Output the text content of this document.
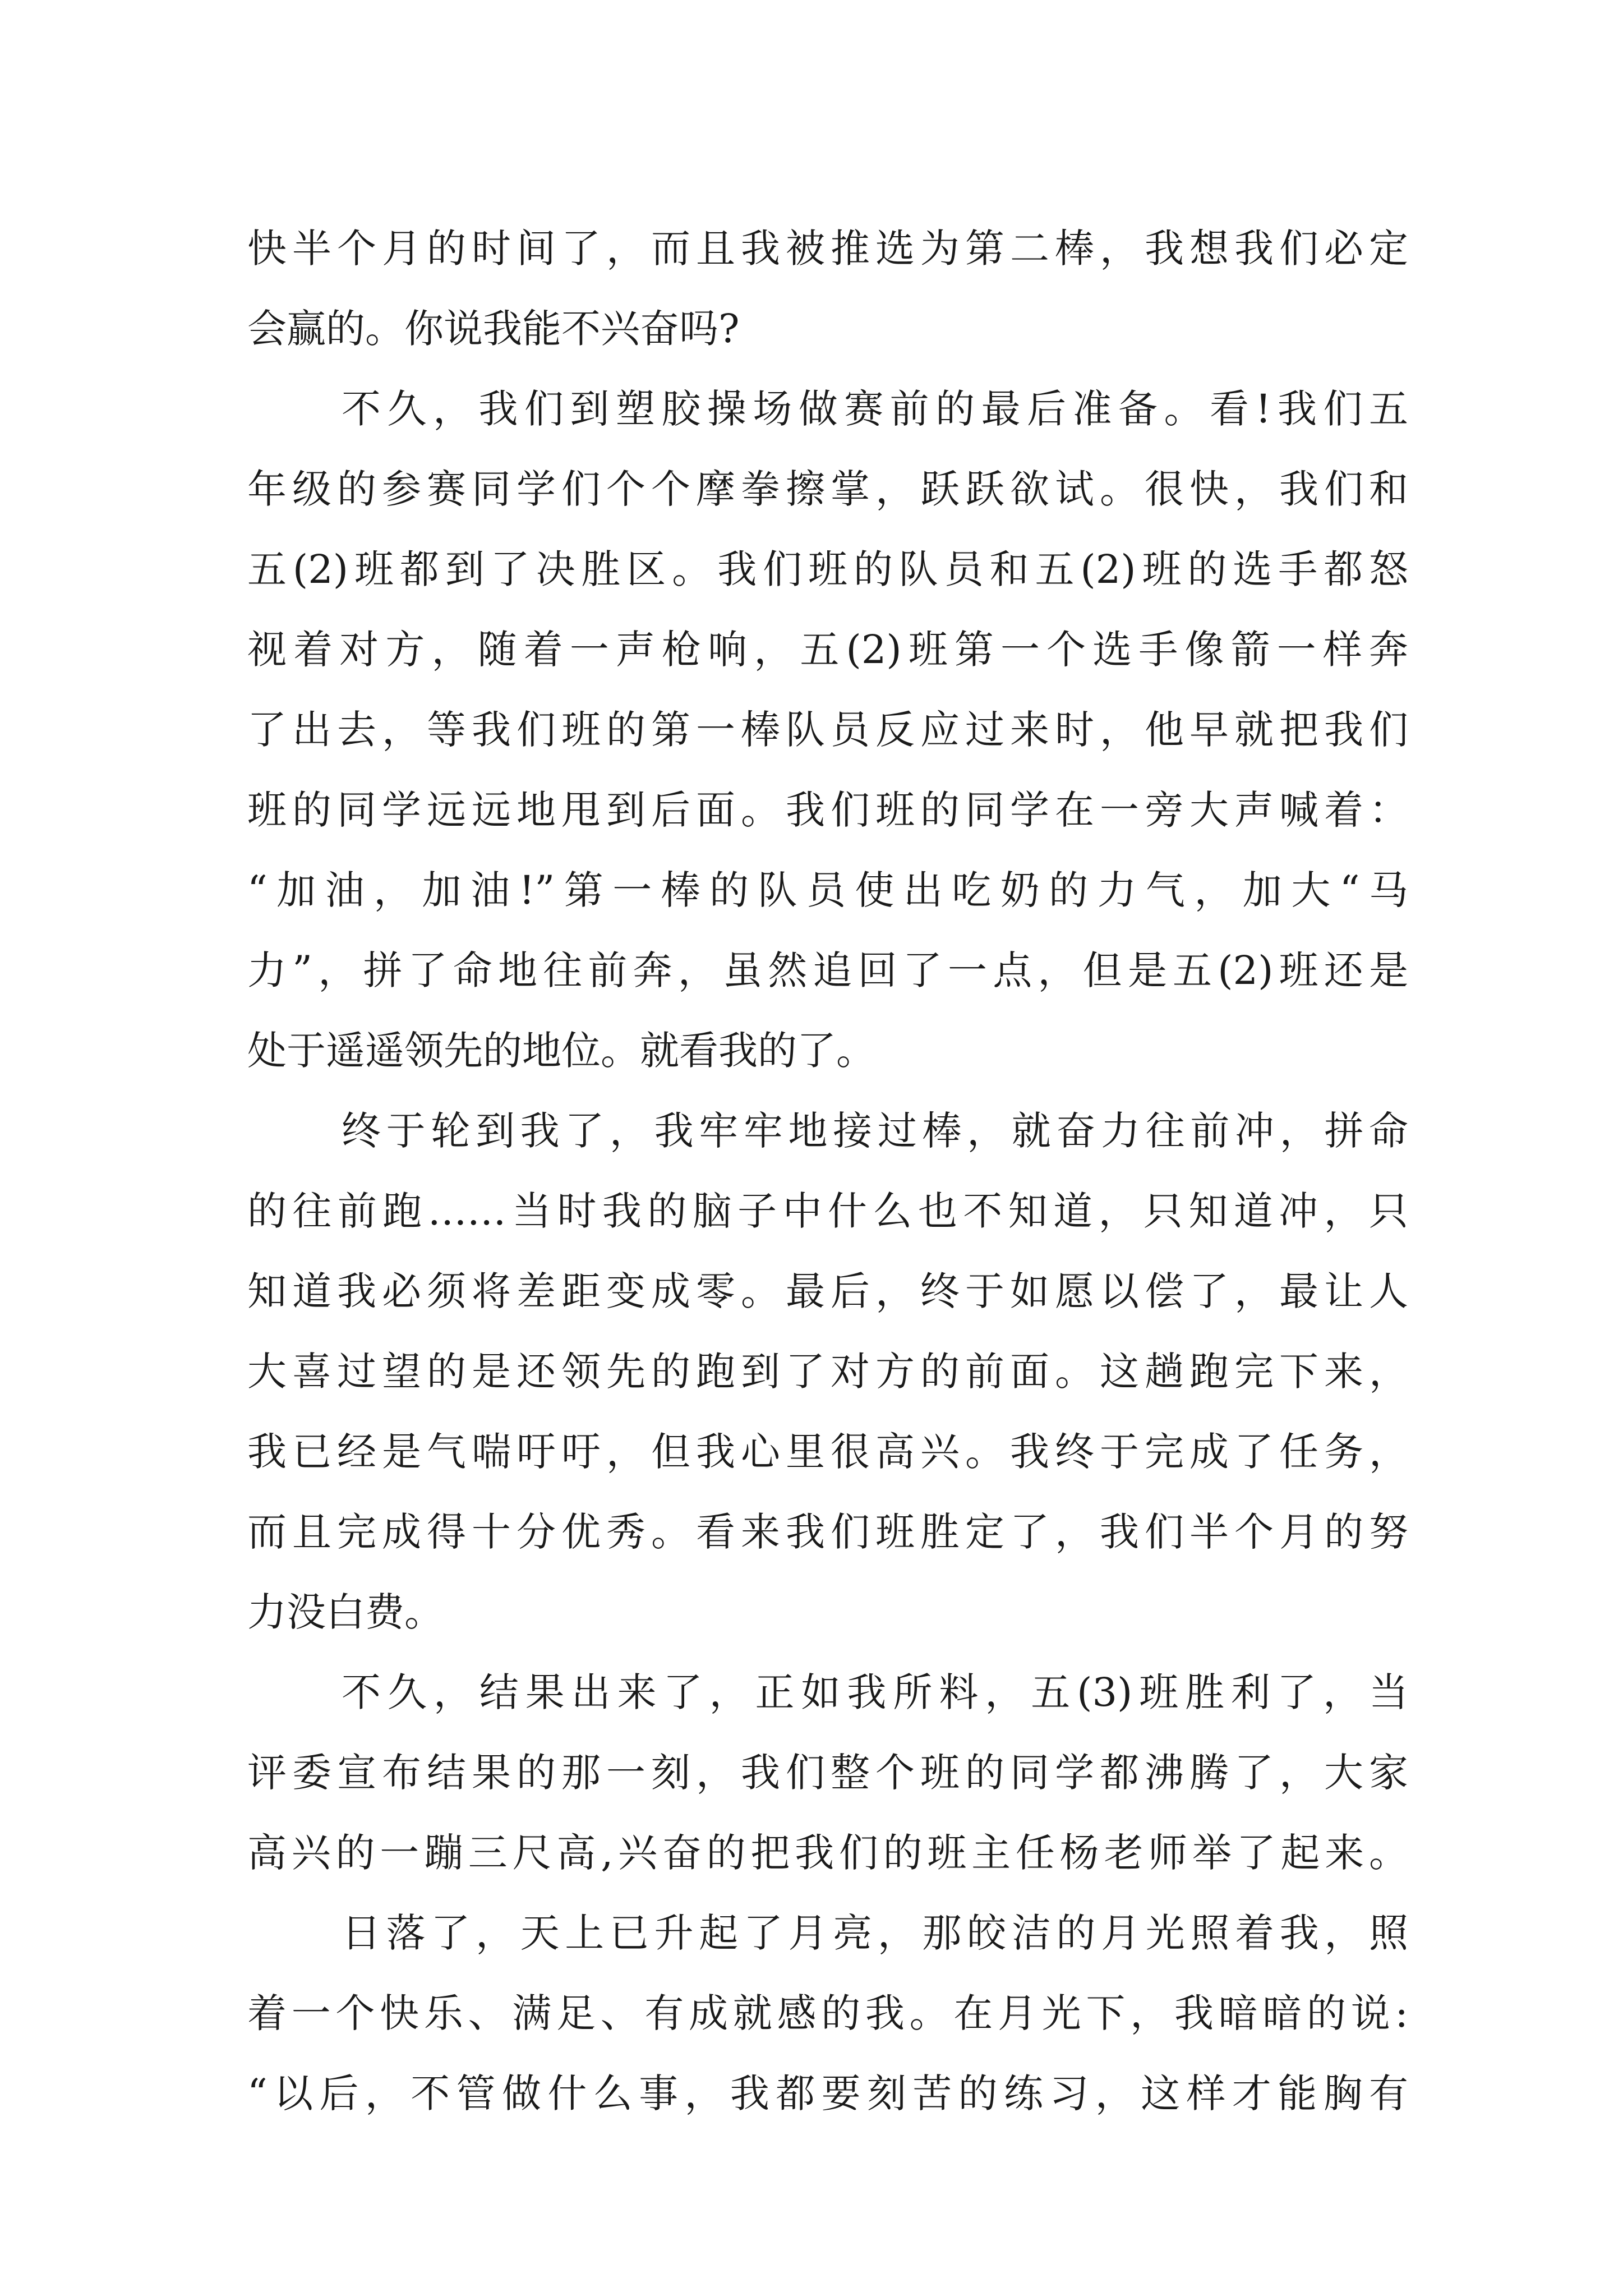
快半个月的时间了，而且我被推选为第二棒，我想我们必定
会赢的。你说我能不兴奋吗?
不久，我们到塑胶操场做赛前的最后准备。看!我们五
年级的参赛同学们个个摩拳擦掌，跃跃欲试。很快，我们和
五(2)班都到了决胜区。我们班的队员和五(2)班的选手都怒
视着对方，随着一声枪响，五(2)班第一个选手像箭一样奔
了出去，等我们班的第一棒队员反应过来时，他早就把我们
班的同学远远地甩到后面。我们班的同学在一旁大声喊着：
“加油，加油!”第一棒的队员使出吃奶的力气，加大“马
力”，拼了命地往前奔，虽然追回了一点，但是五(2)班还是
处于遥遥领先的地位。就看我的了。
终于轮到我了，我牢牢地接过棒，就奋力往前冲，拼命
的往前跑……当时我的脑子中什么也不知道，只知道冲，只
知道我必须将差距变成零。最后，终于如愿以偿了，最让人
大喜过望的是还领先的跑到了对方的前面。这趟跑完下来，
我已经是气喘吁吁，但我心里很高兴。我终于完成了任务，
而且完成得十分优秀。看来我们班胜定了，我们半个月的努
力没白费。
不久，结果出来了，正如我所料，五(3)班胜利了，当
评委宣布结果的那一刻，我们整个班的同学都沸腾了，大家
高兴的一蹦三尺高,兴奋的把我们的班主任杨老师举了起来。
日落了，天上已升起了月亮，那皎洁的月光照着我，照
着一个快乐、满足、有成就感的我。在月光下，我暗暗的说:
“以后，不管做什么事，我都要刻苦的练习，这样才能胸有
